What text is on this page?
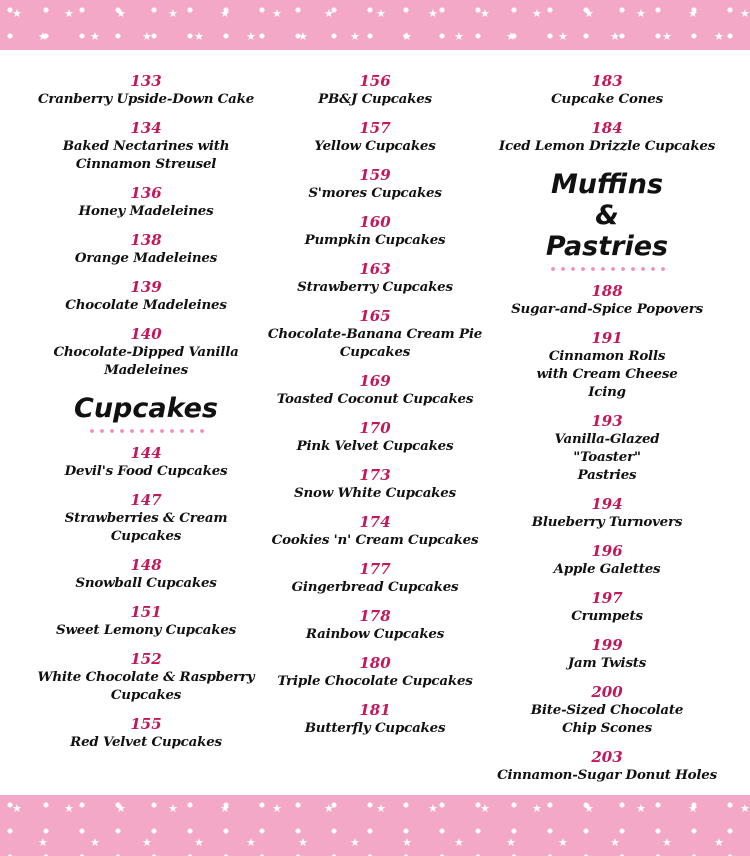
★	★	★	★	★	★	★	★	★	★	★	★	★	★	★
★	★	★	★	★	★	★	★	★	★	★	★	★	★
133
Cranberry Upside-Down Cake
134
Baked Nectarines with Cinnamon Streusel
136
Honey Madeleines
138
Orange Madeleines
139
Chocolate Madeleines
140
Chocolate-Dipped Vanilla Madeleines
Cupcakes
144
Devil's Food Cupcakes
147
Strawberries & Cream Cupcakes
148
Snowball Cupcakes
151
Sweet Lemony Cupcakes
152
White Chocolate & Raspberry Cupcakes
155
Red Velvet Cupcakes
156
PB&J Cupcakes
157
Yellow Cupcakes
159
S'mores Cupcakes
160
Pumpkin Cupcakes
163
Strawberry Cupcakes
165
Chocolate-Banana Cream Pie Cupcakes
169
Toasted Coconut Cupcakes
170
Pink Velvet Cupcakes
173
Snow White Cupcakes
174
Cookies 'n' Cream Cupcakes
177
Gingerbread Cupcakes
178
Rainbow Cupcakes
180
Triple Chocolate Cupcakes
181
Butterfly Cupcakes
183
Cupcake Cones
184
Iced Lemon Drizzle Cupcakes
Muffins & Pastries
188
Sugar-and-Spice Popovers
191
Cinnamon Rolls with Cream Cheese Icing
193
Vanilla-Glazed "Toaster" Pastries
194
Blueberry Turnovers
196
Apple Galettes
197
Crumpets
199
Jam Twists
200
Bite-Sized Chocolate Chip Scones
203
Cinnamon-Sugar Donut Holes
★	★	★	★	★	★	★	★	★	★	★	★	★	★	★
★	★	★	★	★	★	★	★	★	★	★	★	★	★
